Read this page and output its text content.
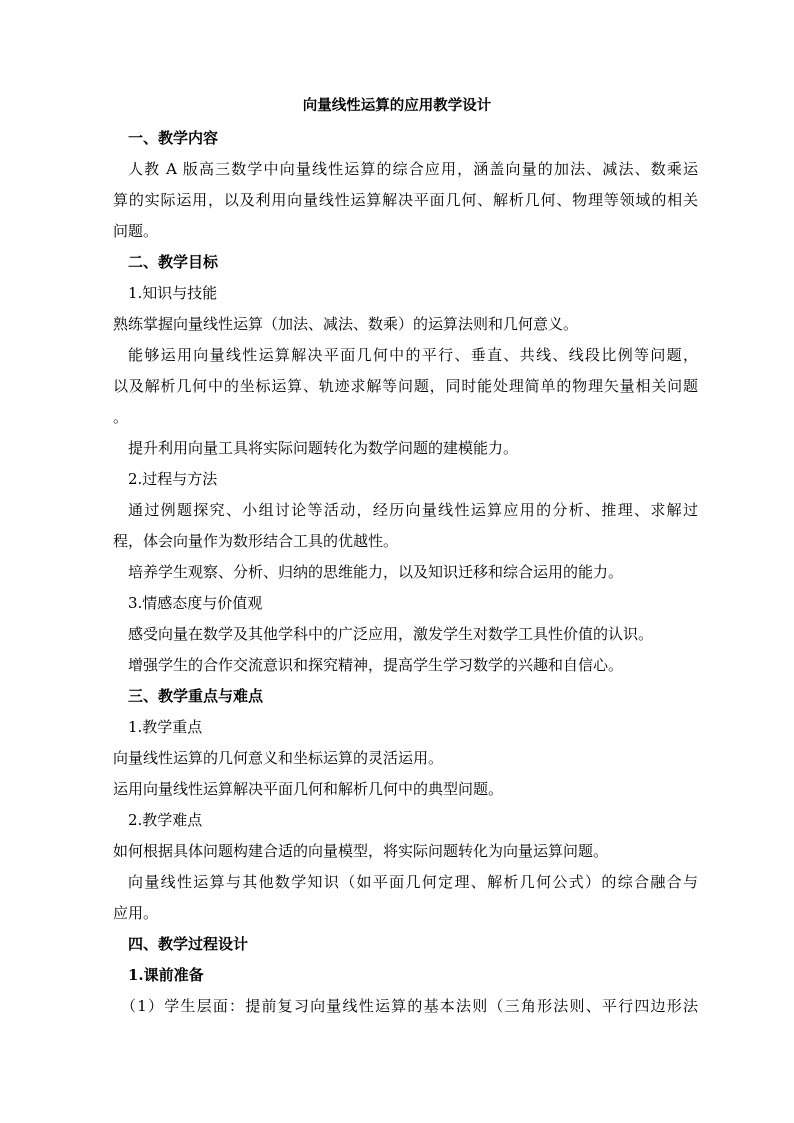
向量线性运算的应用教学设计

一、教学内容

人教 A 版高三数学中向量线性运算的综合应用，涵盖向量的加法、减法、数乘运

算的实际运用，以及利用向量线性运算解决平面几何、解析几何、物理等领域的相关

问题。

二、教学目标

1.知识与技能

熟练掌握向量线性运算（加法、减法、数乘）的运算法则和几何意义。

能够运用向量线性运算解决平面几何中的平行、垂直、共线、线段比例等问题，

以及解析几何中的坐标运算、轨迹求解等问题，同时能处理简单的物理矢量相关问题

。

提升利用向量工具将实际问题转化为数学问题的建模能力。

2.过程与方法

通过例题探究、小组讨论等活动，经历向量线性运算应用的分析、推理、求解过

程，体会向量作为数形结合工具的优越性。

培养学生观察、分析、归纳的思维能力，以及知识迁移和综合运用的能力。

3.情感态度与价值观

感受向量在数学及其他学科中的广泛应用，激发学生对数学工具性价值的认识。

增强学生的合作交流意识和探究精神，提高学生学习数学的兴趣和自信心。

三、教学重点与难点

1.教学重点

向量线性运算的几何意义和坐标运算的灵活运用。

运用向量线性运算解决平面几何和解析几何中的典型问题。

2.教学难点

如何根据具体问题构建合适的向量模型，将实际问题转化为向量运算问题。

向量线性运算与其他数学知识（如平面几何定理、解析几何公式）的综合融合与

应用。

四、教学过程设计

1.课前准备

（1）学生层面：提前复习向量线性运算的基本法则（三角形法则、平行四边形法
